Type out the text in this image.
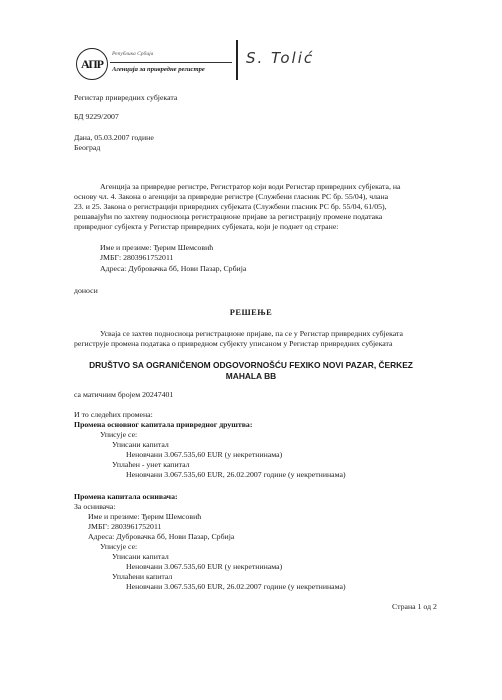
АПР
Република Србија
Агенција за привредне регистре
S. Tolić
Регистар привредних субјеката
БД 9229/2007
Дана, 05.03.2007 године
Београд
Агенција за привредне регистре, Регистратор који води Регистар привредних субјеката, на
основу чл. 4. Закона о агенцији за привредне регистре (Службени гласник РС бр. 55/04), члана
23. и 25. Закона о регистрацији привредних субјеката (Службени гласник РС бр. 55/04, 61/05),
решавајући по захтеву подносиоца регистрационе пријаве за регистрацију промене података
привредног субјекта у Регистар привредних субјеката, који је поднет од стране:
Име и презиме: Ђерим Шемсовић
ЈМБГ: 2803961752011
Адреса: Дубровачка бб, Нови Пазар, Србија
доноси
РЕШЕЊЕ
Усваја се захтев подносиоца регистрационе пријаве, па се у Регистар привредних субјеката
региструје промена података о привредном субјекту уписаном у Регистар привредних субјеката
DRUŠTVO SA OGRANIČENOM ODGOVORNOŠĆU FEXIKO NOVI PAZAR, ČERKEZ
MAHALA BB
са матичним бројем 20247401
И то следећих промена:
Промена основног капитала привредног друштва:
Уписује се:
Уписани капитал
Неновчани 3.067.535,60 EUR (у некретнинама)
Уплаћен - унет капитал
Неновчани 3.067.535,60 EUR, 26.02.2007 године (у некретнинама)
Промена капитала оснивача:
За оснивача:
Име и презиме: Ђерим Шемсовић
ЈМБГ: 2803961752011
Адреса: Дубровачка бб, Нови Пазар, Србија
Уписује се:
Уписани капитал
Неновчани 3.067.535,60 EUR (у некретнинама)
Уплаћени капитал
Неновчани 3.067.535,60 EUR, 26.02.2007 године (у некретнинама)
Страна 1 од 2
